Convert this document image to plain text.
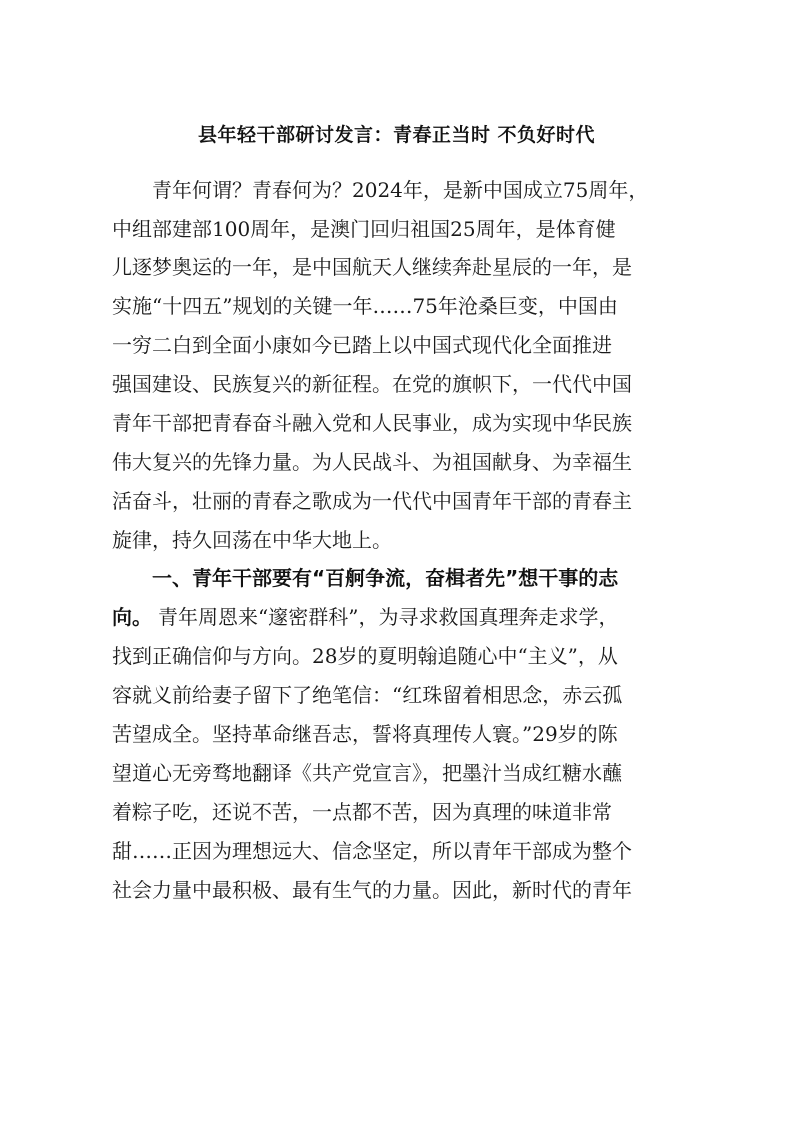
县年轻干部研讨发言：青春正当时 不负好时代
青年何谓？青春何为？2024年，是新中国成立75周年，
中组部建部100周年，是澳门回归祖国25周年，是体育健
儿逐梦奥运的一年，是中国航天人继续奔赴星辰的一年，是
实施“十四五”规划的关键一年……75年沧桑巨变，中国由
一穷二白到全面小康如今已踏上以中国式现代化全面推进
强国建设、民族复兴的新征程。在党的旗帜下，一代代中国
青年干部把青春奋斗融入党和人民事业，成为实现中华民族
伟大复兴的先锋力量。为人民战斗、为祖国献身、为幸福生
活奋斗，壮丽的青春之歌成为一代代中国青年干部的青春主
旋律，持久回荡在中华大地上。
一、青年干部要有“百舸争流，奋楫者先”想干事的志
向。 青年周恩来“邃密群科”，为寻求救国真理奔走求学，
找到正确信仰与方向。28岁的夏明翰追随心中“主义”，从
容就义前给妻子留下了绝笔信：“红珠留着相思念，赤云孤
苦望成全。坚持革命继吾志，誓将真理传人寰。”29岁的陈
望道心无旁骛地翻译《共产党宣言》，把墨汁当成红糖水蘸
着粽子吃，还说不苦，一点都不苦，因为真理的味道非常
甜……正因为理想远大、信念坚定，所以青年干部成为整个
社会力量中最积极、最有生气的力量。因此，新时代的青年
